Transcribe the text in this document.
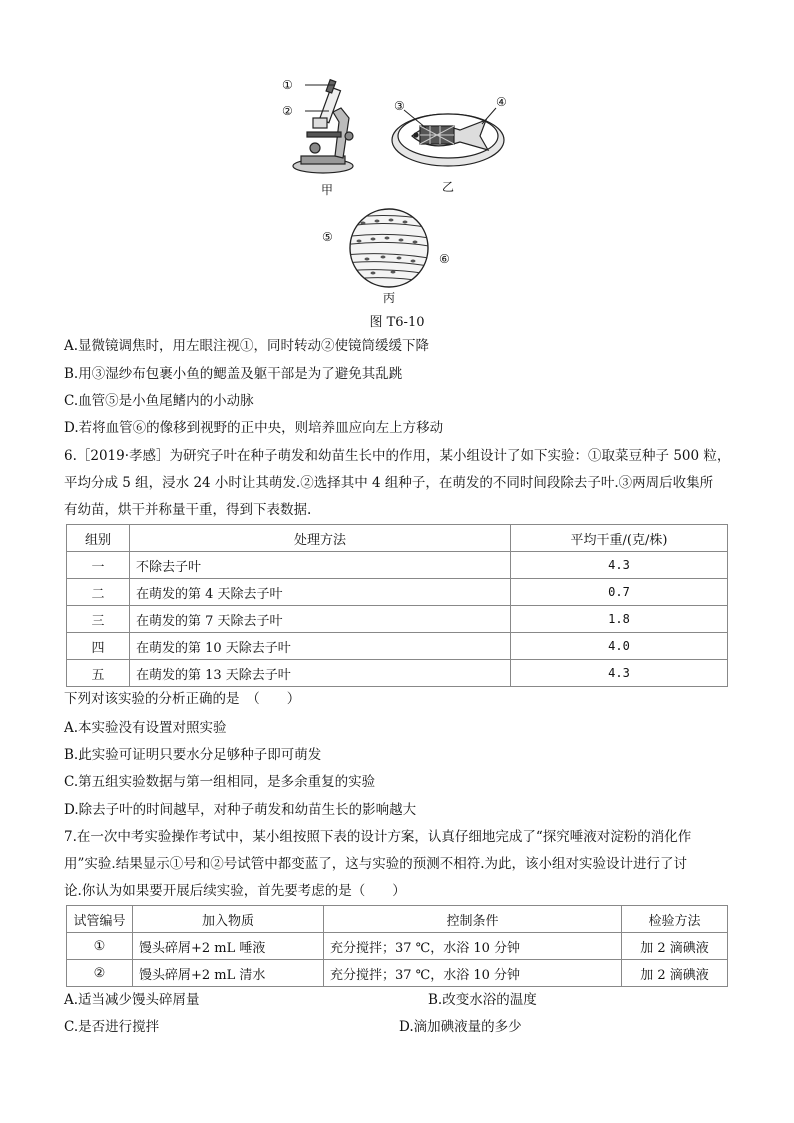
①
②
甲
③	④
乙
⑤
⑥
丙
图 T6-10
A.显微镜调焦时，用左眼注视①，同时转动②使镜筒缓缓下降
B.用③湿纱布包裹小鱼的鳃盖及躯干部是为了避免其乱跳
C.血管⑤是小鱼尾鳍内的小动脉
D.若将血管⑥的像移到视野的正中央，则培养皿应向左上方移动
6.［2019·孝感］为研究子叶在种子萌发和幼苗生长中的作用，某小组设计了如下实验：①取菜豆种子 500 粒，
平均分成 5 组，浸水 24 小时让其萌发.②选择其中 4 组种子，在萌发的不同时间段除去子叶.③两周后收集所
有幼苗，烘干并称量干重，得到下表数据.
组别	处理方法	平均干重/(克/株)
一	不除去子叶	4.3
二	在萌发的第 4 天除去子叶	0.7
三	在萌发的第 7 天除去子叶	1.8
四	在萌发的第 10 天除去子叶	4.0
五	在萌发的第 13 天除去子叶	4.3
下列对该实验的分析正确的是　（　　）
A.本实验没有设置对照实验
B.此实验可证明只要水分足够种子即可萌发
C.第五组实验数据与第一组相同，是多余重复的实验
D.除去子叶的时间越早，对种子萌发和幼苗生长的影响越大
7.在一次中考实验操作考试中，某小组按照下表的设计方案，认真仔细地完成了“探究唾液对淀粉的消化作
用”实验.结果显示①号和②号试管中都变蓝了，这与实验的预测不相符.为此，该小组对实验设计进行了讨
论.你认为如果要开展后续实验，首先要考虑的是（　　）
试管编号	加入物质	控制条件	检验方法
①	馒头碎屑+2 mL 唾液	充分搅拌；37 ℃，水浴 10 分钟	加 2 滴碘液
②	馒头碎屑+2 mL 清水	充分搅拌；37 ℃，水浴 10 分钟	加 2 滴碘液
A.适当减少馒头碎屑量	B.改变水浴的温度
C.是否进行搅拌	D.滴加碘液量的多少
